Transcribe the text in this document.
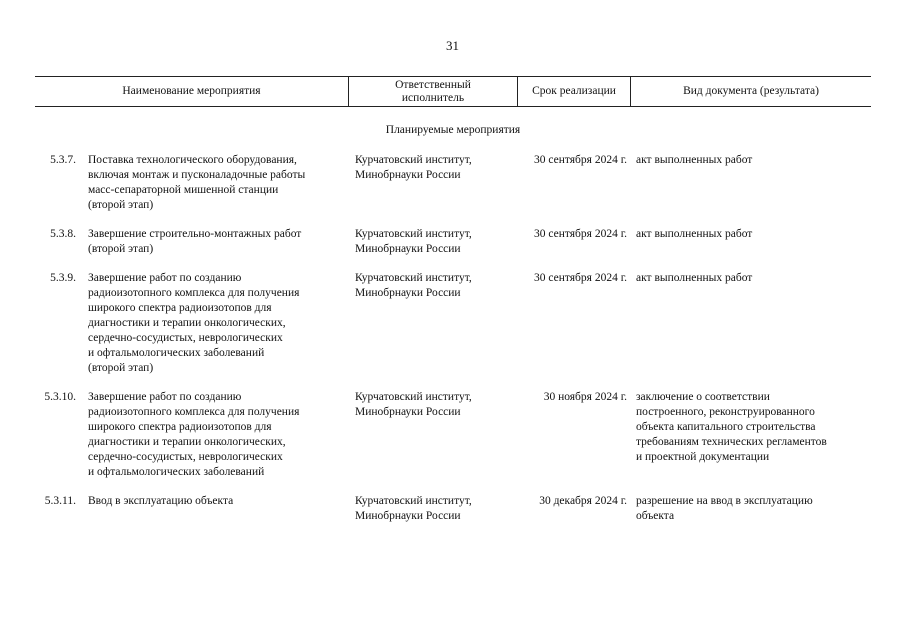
31
Наименование мероприятия
Ответственный
исполнитель
Срок реализации	Вид документа (результата)
Планируемые мероприятия
5.3.7. Поставка технологического оборудования,
включая монтаж и пусконаладочные работы
масс-сепараторной мишенной станции
(второй этап)
Курчатовский институт,
Минобрнауки России
30 сентября 2024 г. акт выполненных работ
5.3.8. Завершение строительно-монтажных работ
(второй этап)
Курчатовский институт,
Минобрнауки России
30 сентября 2024 г. акт выполненных работ
5.3.9. Завершение работ по созданию
радиоизотопного комплекса для получения
широкого спектра радиоизотопов для
диагностики и терапии онкологических,
сердечно-сосудистых, неврологических
и офтальмологических заболеваний
(второй этап)
Курчатовский институт,
Минобрнауки России
30 сентября 2024 г. акт выполненных работ
5.3.10. Завершение работ по созданию
радиоизотопного комплекса для получения
широкого спектра радиоизотопов для
диагностики и терапии онкологических,
сердечно-сосудистых, неврологических
и офтальмологических заболеваний
Курчатовский институт,
Минобрнауки России
30 ноября 2024 г. заключение о соответствии
построенного, реконструированного
объекта капитального строительства
требованиям технических регламентов
и проектной документации
5.3.11. Ввод в эксплуатацию объекта	Курчатовский институт,
Минобрнауки России
30 декабря 2024 г. разрешение на ввод в эксплуатацию
объекта
